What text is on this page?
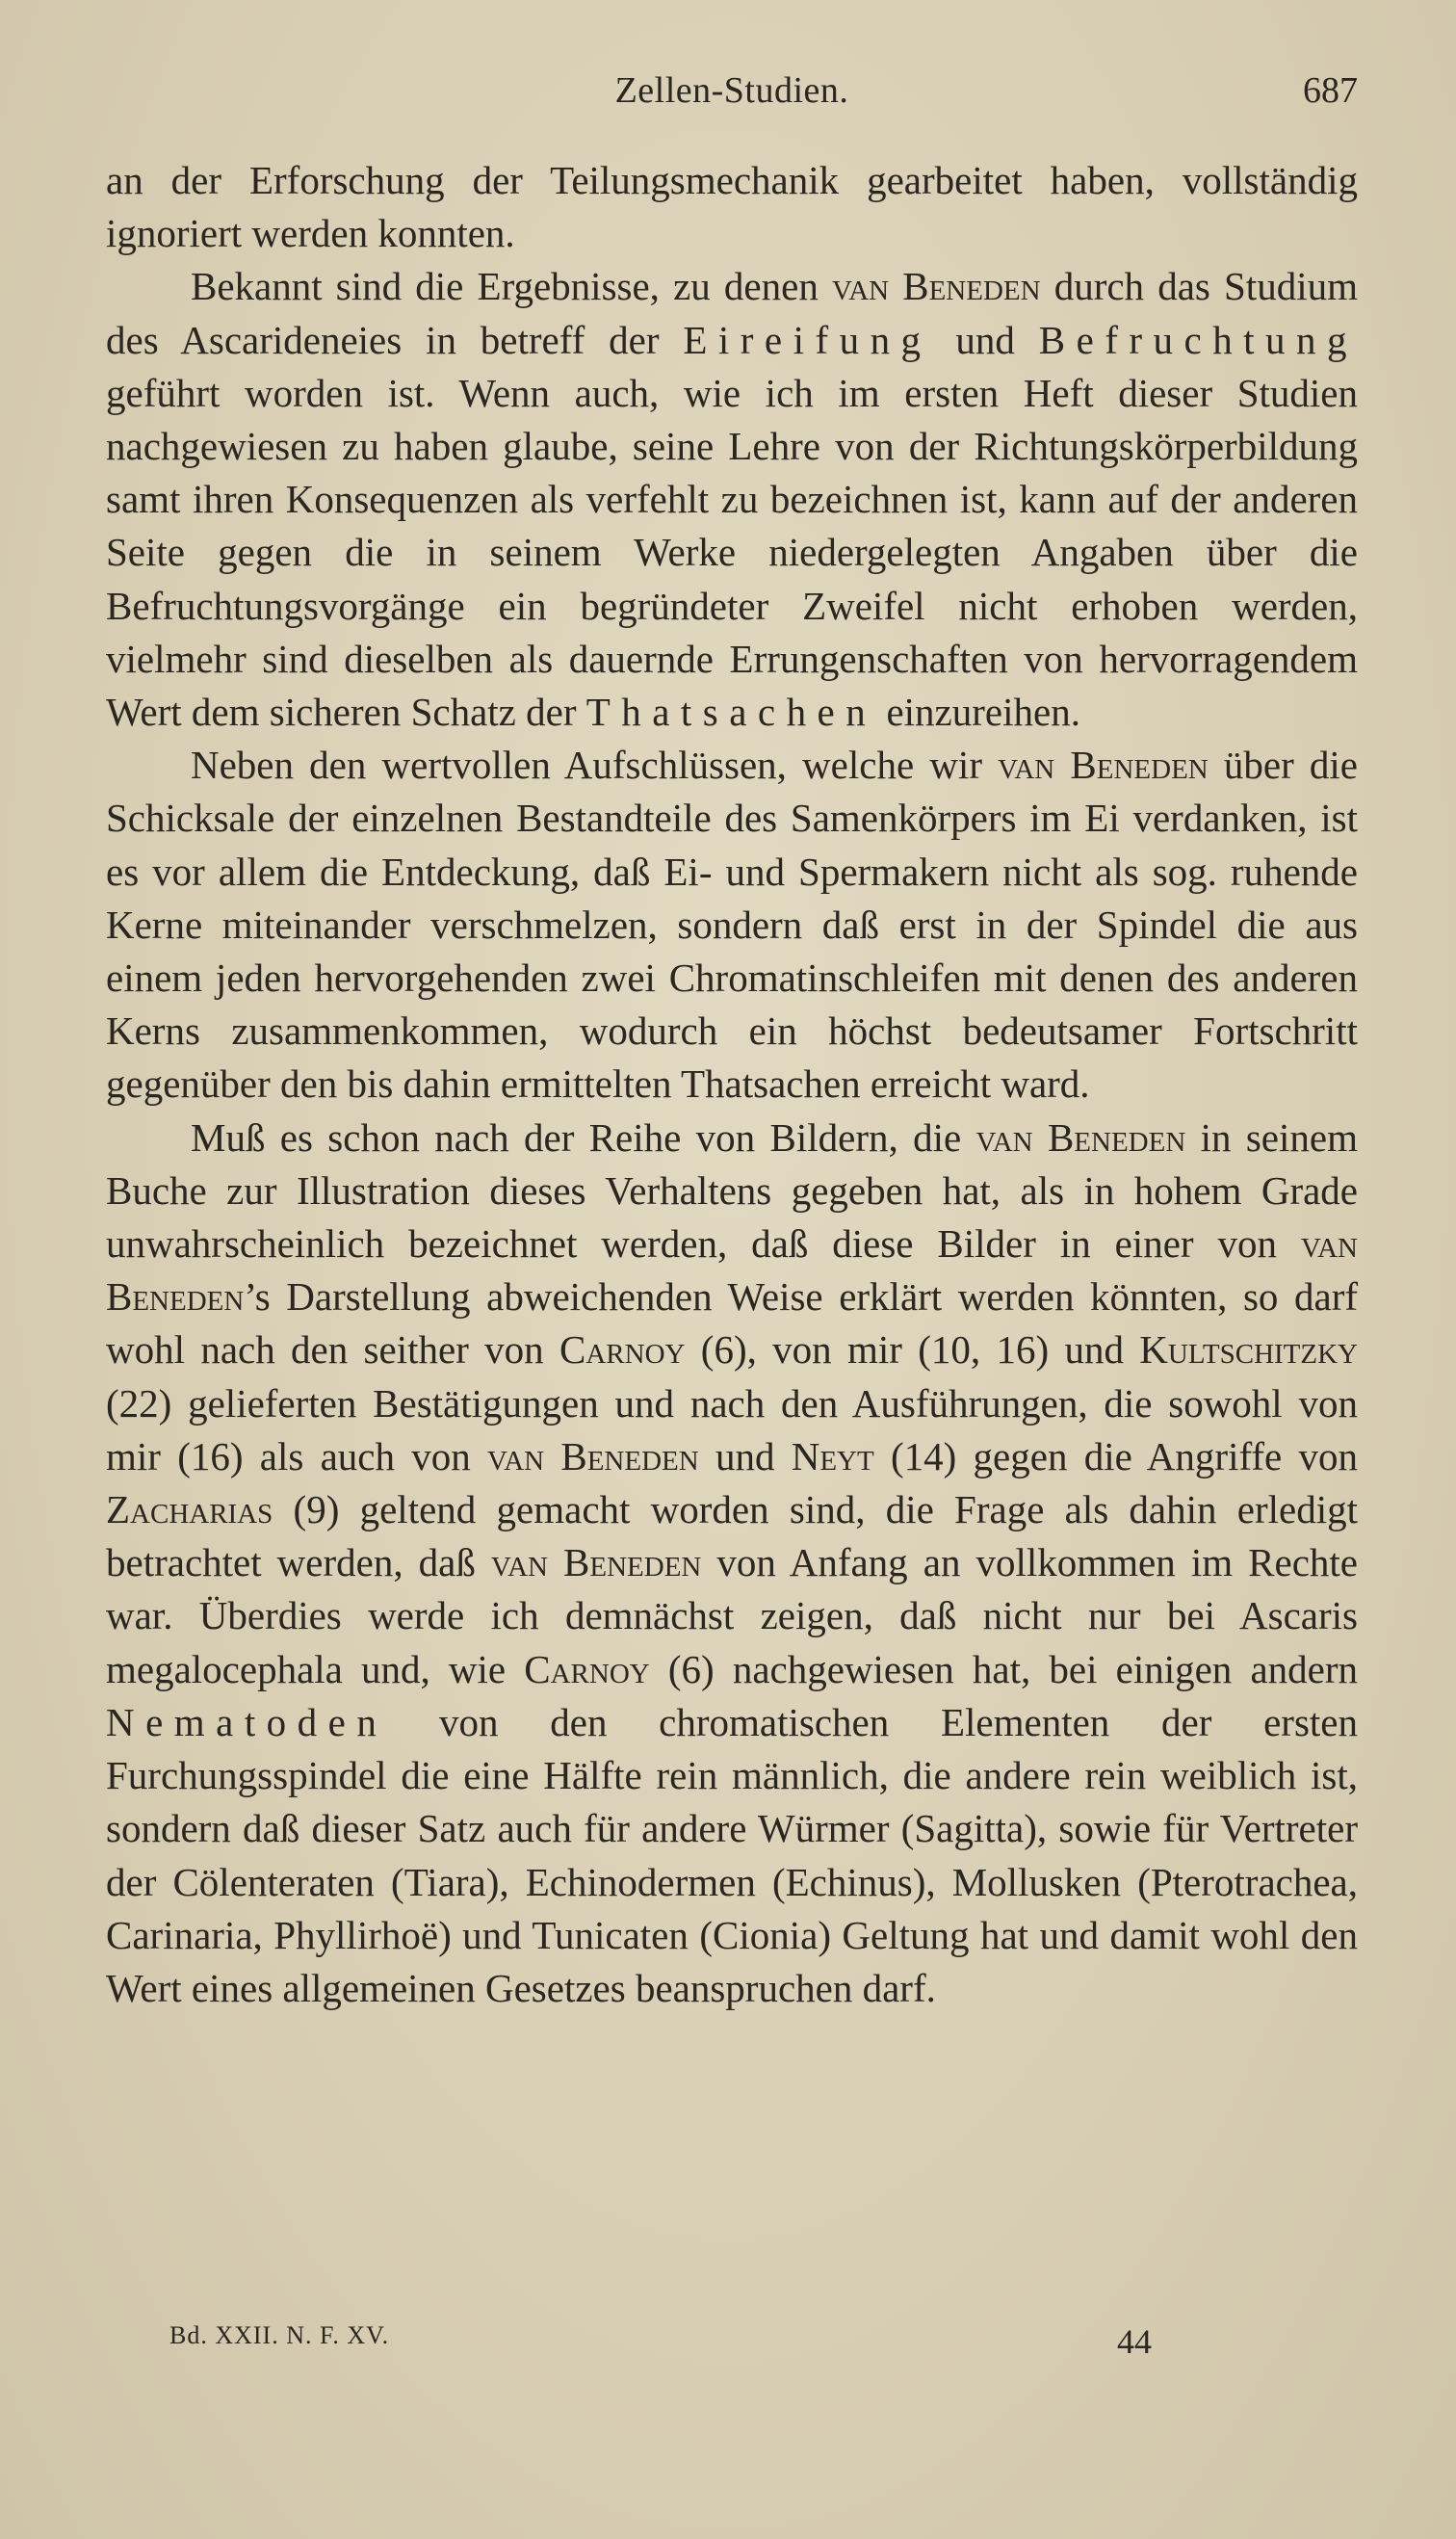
Zellen-Studien.	687

an der Erforschung der Teilungsmechanik gearbeitet haben, vollständig ignoriert werden konnten.

Bekannt sind die Ergebnisse, zu denen van Beneden durch das Studium des Ascarideneies in betreff der Eireifung und Befruchtung geführt worden ist. Wenn auch, wie ich im ersten Heft dieser Studien nachgewiesen zu haben glaube, seine Lehre von der Richtungskörperbildung samt ihren Konsequenzen als verfehlt zu bezeichnen ist, kann auf der anderen Seite gegen die in seinem Werke niedergelegten Angaben über die Befruchtungsvorgänge ein begründeter Zweifel nicht erhoben werden, vielmehr sind dieselben als dauernde Errungenschaften von hervorragendem Wert dem sicheren Schatz der Thatsachen einzureihen.

Neben den wertvollen Aufschlüssen, welche wir van Beneden über die Schicksale der einzelnen Bestandteile des Samenkörpers im Ei verdanken, ist es vor allem die Entdeckung, daß Ei- und Spermakern nicht als sog. ruhende Kerne miteinander verschmelzen, sondern daß erst in der Spindel die aus einem jeden hervorgehenden zwei Chromatinschleifen mit denen des anderen Kerns zusammenkommen, wodurch ein höchst bedeutsamer Fortschritt gegenüber den bis dahin ermittelten Thatsachen erreicht ward.

Muß es schon nach der Reihe von Bildern, die van Beneden in seinem Buche zur Illustration dieses Verhaltens gegeben hat, als in hohem Grade unwahrscheinlich bezeichnet werden, daß diese Bilder in einer von van Beneden’s Darstellung abweichenden Weise erklärt werden könnten, so darf wohl nach den seither von Carnoy (6), von mir (10, 16) und Kultschitzky (22) gelieferten Bestätigungen und nach den Ausführungen, die sowohl von mir (16) als auch von van Beneden und Neyt (14) gegen die Angriffe von Zacharias (9) geltend gemacht worden sind, die Frage als dahin erledigt betrachtet werden, daß van Beneden von Anfang an vollkommen im Rechte war. Überdies werde ich demnächst zeigen, daß nicht nur bei Ascaris megalocephala und, wie Carnoy (6) nachgewiesen hat, bei einigen andern Nematoden von den chromatischen Elementen der ersten Furchungsspindel die eine Hälfte rein männlich, die andere rein weiblich ist, sondern daß dieser Satz auch für andere Würmer (Sagitta), sowie für Vertreter der Cölenteraten (Tiara), Echinodermen (Echinus), Mollusken (Pterotrachea, Carinaria, Phyllirhoë) und Tunicaten (Cionia) Geltung hat und damit wohl den Wert eines allgemeinen Gesetzes beanspruchen darf.

Bd. XXII. N. F. XV.	44
